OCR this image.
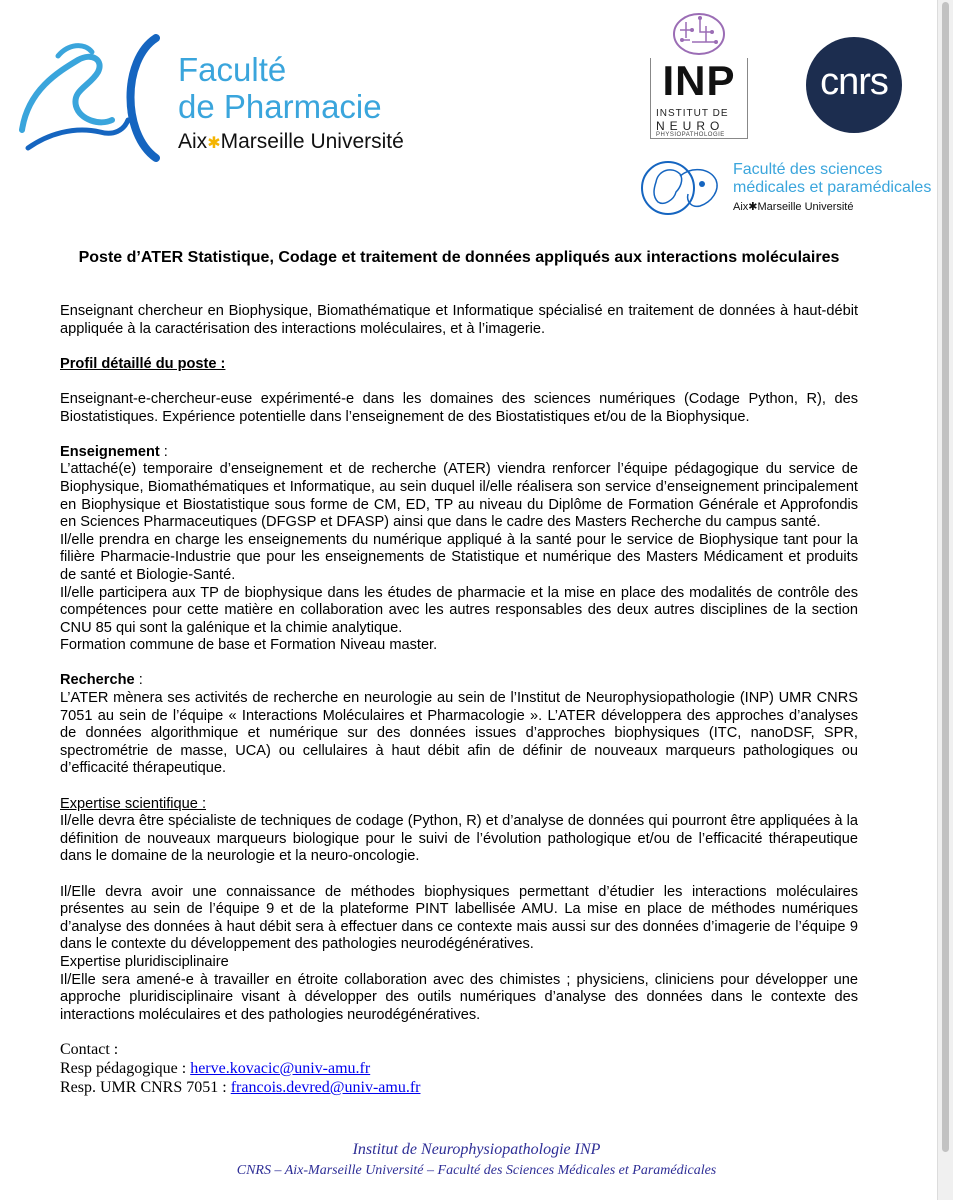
Faculté
de Pharmacie
Aix✱Marseille Université
INP
INSTITUT DE
NEURO
PHYSIOPATHOLOGIE
cnrs
Faculté des sciences
médicales et paramédicales
Aix✱Marseille Université
Poste d’ATER Statistique, Codage et traitement de données appliqués aux interactions moléculaires

Enseignant chercheur en Biophysique, Biomathématique et Informatique spécialisé en traitement de données à haut-débit appliquée à la caractérisation des interactions moléculaires, et à l’imagerie.

Profil détaillé du poste :

Enseignant-e-chercheur-euse expérimenté-e dans les domaines des sciences numériques (Codage Python, R), des Biostatistiques. Expérience potentielle dans l’enseignement de des Biostatistiques et/ou de la Biophysique.

Enseignement :

L’attaché(e) temporaire d’enseignement et de recherche (ATER) viendra renforcer l’équipe pédagogique du service de Biophysique, Biomathématiques et Informatique, au sein duquel il/elle réalisera son service d’enseignement principalement en Biophysique et Biostatistique sous forme de CM, ED, TP au niveau du Diplôme de Formation Générale et Approfondis en Sciences Pharmaceutiques (DFGSP et DFASP) ainsi que dans le cadre des Masters Recherche du campus santé.

Il/elle prendra en charge les enseignements du numérique appliqué à la santé pour le service de Biophysique tant pour la filière Pharmacie-Industrie que pour les enseignements de Statistique et numérique des Masters Médicament et produits de santé et Biologie-Santé.

Il/elle participera aux TP de biophysique dans les études de pharmacie et la mise en place des modalités de contrôle des compétences pour cette matière en collaboration avec les autres responsables des deux autres disciplines de la section CNU 85 qui sont la galénique et la chimie analytique.

Formation commune de base et Formation Niveau master.

Recherche :

L’ATER mènera ses activités de recherche en neurologie au sein de l’Institut de Neurophysiopathologie (INP) UMR CNRS 7051 au sein de l’équipe « Interactions Moléculaires et Pharmacologie ». L’ATER développera des approches d’analyses de données algorithmique et numérique sur des données issues d’approches biophysiques (ITC, nanoDSF, SPR, spectrométrie de masse, UCA) ou cellulaires à haut débit afin de définir de nouveaux marqueurs pathologiques ou d’efficacité thérapeutique.

Expertise scientifique :

Il/elle devra être spécialiste de techniques de codage (Python, R) et d’analyse de données qui pourront être appliquées à la définition de nouveaux marqueurs biologique pour le suivi de l’évolution pathologique et/ou de l’efficacité thérapeutique dans le domaine de la neurologie et la neuro-oncologie.

Il/Elle devra avoir une connaissance de méthodes biophysiques permettant d’étudier les interactions moléculaires présentes au sein de l’équipe 9 et de la plateforme PINT labellisée AMU. La mise en place de méthodes numériques d’analyse des données à haut débit sera à effectuer dans ce contexte mais aussi sur des données d’imagerie de l’équipe 9 dans le contexte du développement des pathologies neurodégénératives.

Expertise pluridisciplinaire

Il/Elle sera amené-e à travailler en étroite collaboration avec des chimistes ; physiciens, cliniciens pour développer une approche pluridisciplinaire visant à développer des outils numériques d’analyse des données dans le contexte des interactions moléculaires et des pathologies neurodégénératives.

Contact :
Resp pédagogique : herve.kovacic@univ-amu.fr
Resp. UMR CNRS 7051 : francois.devred@univ-amu.fr
Institut de Neurophysiopathologie INP
CNRS – Aix-Marseille Université – Faculté des Sciences Médicales et Paramédicales
